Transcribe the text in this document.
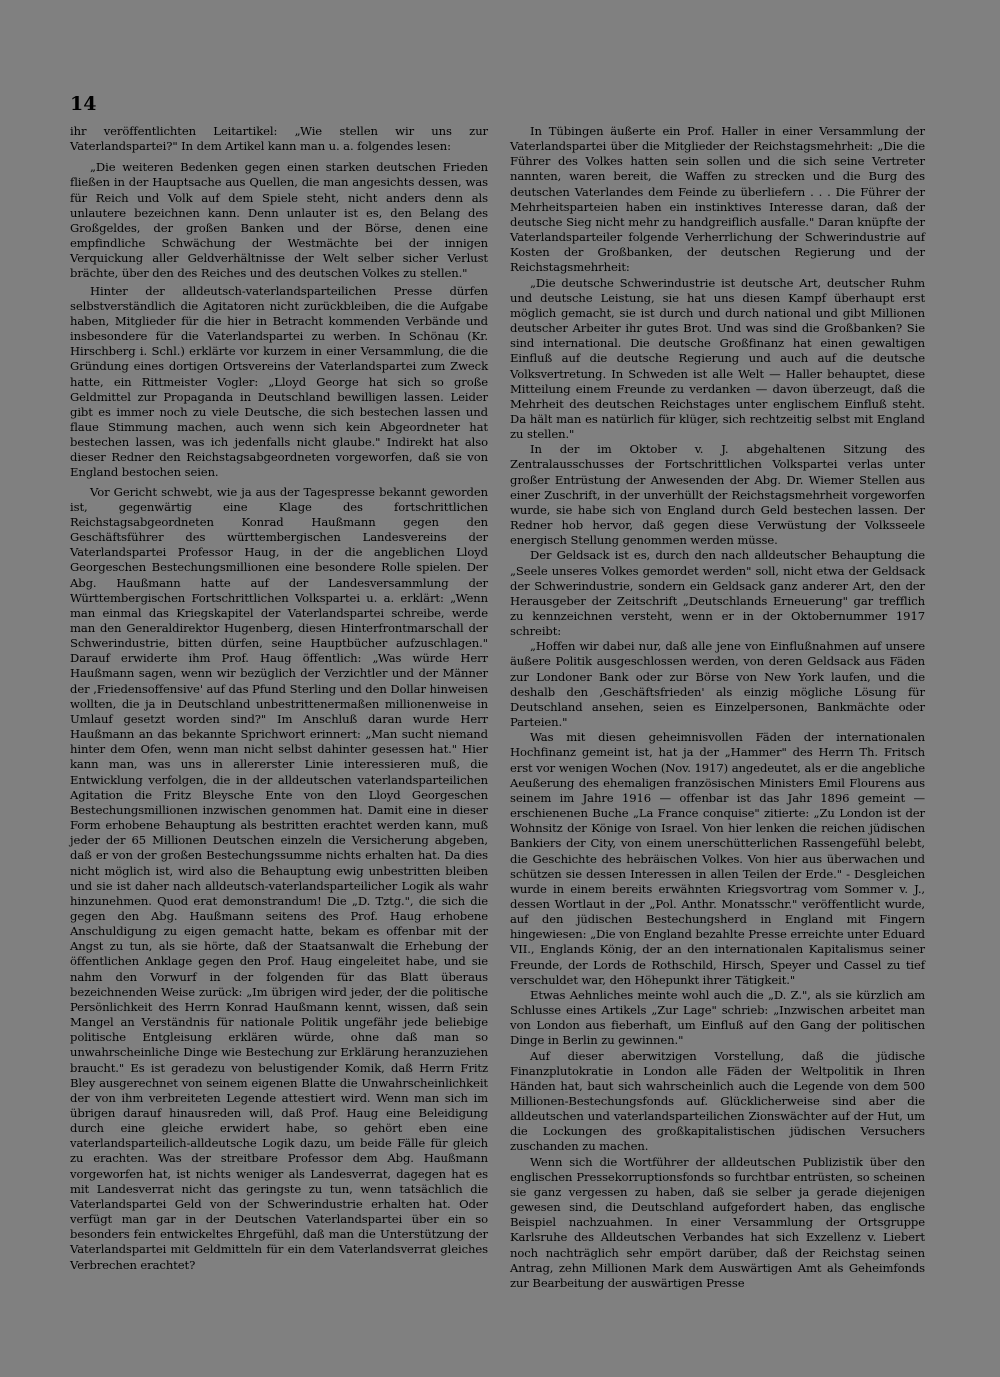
14

ihr veröffentlichten Leitartikel: „Wie stellen wir uns zur Vaterlandspartei?" In dem Artikel kann man u. a. folgendes lesen:

„Die weiteren Bedenken gegen einen starken deutschen Frieden fließen in der Hauptsache aus Quellen, die man angesichts dessen, was für Reich und Volk auf dem Spiele steht, nicht anders denn als unlautere bezeichnen kann. Denn unlauter ist es, den Belang des Großgeldes, der großen Banken und der Börse, denen eine empfindliche Schwächung der Westmächte bei der innigen Verquickung aller Geldverhältnisse der Welt selber sicher Verlust brächte, über den des Reiches und des deutschen Volkes zu stellen."

Hinter der alldeutsch-vaterlandsparteilichen Presse dürfen selbstverständlich die Agitatoren nicht zurückbleiben, die die Aufgabe haben, Mitglieder für die hier in Betracht kommenden Verbände und insbesondere für die Vaterlandspartei zu werben. In Schönau (Kr. Hirschberg i. Schl.) erklärte vor kurzem in einer Versammlung, die die Gründung eines dortigen Ortsvereins der Vaterlandspartei zum Zweck hatte, ein Rittmeister Vogler: „Lloyd George hat sich so große Geldmittel zur Propaganda in Deutschland bewilligen lassen. Leider gibt es immer noch zu viele Deutsche, die sich bestechen lassen und flaue Stimmung machen, auch wenn sich kein Abgeordneter hat bestechen lassen, was ich jedenfalls nicht glaube." Indirekt hat also dieser Redner den Reichstagsabgeordneten vorgeworfen, daß sie von England bestochen seien.

Vor Gericht schwebt, wie ja aus der Tagespresse bekannt geworden ist, gegenwärtig eine Klage des fortschrittlichen Reichstagsabgeordneten Konrad Haußmann gegen den Geschäftsführer des württembergischen Landesvereins der Vaterlandspartei Professor Haug, in der die angeblichen Lloyd Georgeschen Bestechungsmillionen eine besondere Rolle spielen. Der Abg. Haußmann hatte auf der Landesversammlung der Württembergischen Fortschrittlichen Volkspartei u. a. erklärt: „Wenn man einmal das Kriegskapitel der Vaterlandspartei schreibe, werde man den Generaldirektor Hugenberg, diesen Hinterfrontmarschall der Schwerindustrie, bitten dürfen, seine Hauptbücher aufzuschlagen." Darauf erwiderte ihm Prof. Haug öffentlich: „Was würde Herr Haußmann sagen, wenn wir bezüglich der Verzichtler und der Männer der ‚Friedensoffensive' auf das Pfund Sterling und den Dollar hinweisen wollten, die ja in Deutschland unbestrittenermaßen millionenweise in Umlauf gesetzt worden sind?" Im Anschluß daran wurde Herr Haußmann an das bekannte Sprichwort erinnert: „Man sucht niemand hinter dem Ofen, wenn man nicht selbst dahinter gesessen hat." Hier kann man, was uns in allererster Linie interessieren muß, die Entwicklung verfolgen, die in der alldeutschen vaterlandsparteilichen Agitation die Fritz Bleysche Ente von den Lloyd Georgeschen Bestechungsmillionen inzwischen genommen hat. Damit eine in dieser Form erhobene Behauptung als bestritten erachtet werden kann, muß jeder der 65 Millionen Deutschen einzeln die Versicherung abgeben, daß er von der großen Bestechungssumme nichts erhalten hat. Da dies nicht möglich ist, wird also die Behauptung ewig unbestritten bleiben und sie ist daher nach alldeutsch-vaterlandsparteilicher Logik als wahr hinzunehmen. Quod erat demonstrandum! Die „D. Tztg.", die sich die gegen den Abg. Haußmann seitens des Prof. Haug erhobene Anschuldigung zu eigen gemacht hatte, bekam es offenbar mit der Angst zu tun, als sie hörte, daß der Staatsanwalt die Erhebung der öffentlichen Anklage gegen den Prof. Haug eingeleitet habe, und sie nahm den Vorwurf in der folgenden für das Blatt überaus bezeichnenden Weise zurück: „Im übrigen wird jeder, der die politische Persönlichkeit des Herrn Konrad Haußmann kennt, wissen, daß sein Mangel an Verständnis für nationale Politik ungefähr jede beliebige politische Entgleisung erklären würde, ohne daß man so unwahrscheinliche Dinge wie Bestechung zur Erklärung heranzuziehen braucht." Es ist geradezu von belustigender Komik, daß Herrn Fritz Bley ausgerechnet von seinem eigenen Blatte die Unwahrscheinlichkeit der von ihm verbreiteten Legende attestiert wird. Wenn man sich im übrigen darauf hinausreden will, daß Prof. Haug eine Beleidigung durch eine gleiche erwidert habe, so gehört eben eine vaterlandsparteilich-alldeutsche Logik dazu, um beide Fälle für gleich zu erachten. Was der streitbare Professor dem Abg. Haußmann vorgeworfen hat, ist nichts weniger als Landesverrat, dagegen hat es mit Landesverrat nicht das geringste zu tun, wenn tatsächlich die Vaterlandspartei Geld von der Schwerindustrie erhalten hat. Oder verfügt man gar in der Deutschen Vaterlandspartei über ein so besonders fein entwickeltes Ehrgefühl, daß man die Unterstützung der Vaterlandspartei mit Geldmitteln für ein dem Vaterlandsverrat gleiches Verbrechen erachtet?

In Tübingen äußerte ein Prof. Haller in einer Versammlung der Vaterlandspartei über die Mitglieder der Reichstagsmehrheit: „Die die Führer des Volkes hatten sein sollen und die sich seine Vertreter nannten, waren bereit, die Waffen zu strecken und die Burg des deutschen Vaterlandes dem Feinde zu überliefern . . . Die Führer der Mehrheitsparteien haben ein instinktives Interesse daran, daß der deutsche Sieg nicht mehr zu handgreiflich ausfalle." Daran knüpfte der Vaterlandsparteiler folgende Verherrlichung der Schwerindustrie auf Kosten der Großbanken, der deutschen Regierung und der Reichstagsmehrheit:

„Die deutsche Schwerindustrie ist deutsche Art, deutscher Ruhm und deutsche Leistung, sie hat uns diesen Kampf überhaupt erst möglich gemacht, sie ist durch und durch national und gibt Millionen deutscher Arbeiter ihr gutes Brot. Und was sind die Großbanken? Sie sind international. Die deutsche Großfinanz hat einen gewaltigen Einfluß auf die deutsche Regierung und auch auf die deutsche Volksvertretung. In Schweden ist alle Welt — Haller behauptet, diese Mitteilung einem Freunde zu verdanken — davon überzeugt, daß die Mehrheit des deutschen Reichstages unter englischem Einfluß steht. Da hält man es natürlich für klüger, sich rechtzeitig selbst mit England zu stellen."

In der im Oktober v. J. abgehaltenen Sitzung des Zentralausschusses der Fortschrittlichen Volkspartei verlas unter großer Entrüstung der Anwesenden der Abg. Dr. Wiemer Stellen aus einer Zuschrift, in der unverhüllt der Reichstagsmehrheit vorgeworfen wurde, sie habe sich von England durch Geld bestechen lassen. Der Redner hob hervor, daß gegen diese Verwüstung der Volksseele energisch Stellung genommen werden müsse.

Der Geldsack ist es, durch den nach alldeutscher Behauptung die „Seele unseres Volkes gemordet werden" soll, nicht etwa der Geldsack der Schwerindustrie, sondern ein Geldsack ganz anderer Art, den der Herausgeber der Zeitschrift „Deutschlands Erneuerung" gar trefflich zu kennzeichnen versteht, wenn er in der Oktobernummer 1917 schreibt:

„Hoffen wir dabei nur, daß alle jene von Einflußnahmen auf unsere äußere Politik ausgeschlossen werden, von deren Geldsack aus Fäden zur Londoner Bank oder zur Börse von New York laufen, und die deshalb den ‚Geschäftsfrieden' als einzig mögliche Lösung für Deutschland ansehen, seien es Einzelpersonen, Bankmächte oder Parteien."

Was mit diesen geheimnisvollen Fäden der internationalen Hochfinanz gemeint ist, hat ja der „Hammer" des Herrn Th. Fritsch erst vor wenigen Wochen (Nov. 1917) angedeutet, als er die angebliche Aeußerung des ehemaligen französischen Ministers Emil Flourens aus seinem im Jahre 1916 — offenbar ist das Jahr 1896 gemeint — erschienenen Buche „La France conquise" zitierte: „Zu London ist der Wohnsitz der Könige von Israel. Von hier lenken die reichen jüdischen Bankiers der City, von einem unerschütterlichen Rassengefühl belebt, die Geschichte des hebräischen Volkes. Von hier aus überwachen und schützen sie dessen Interessen in allen Teilen der Erde." - Desgleichen wurde in einem bereits erwähnten Kriegsvortrag vom Sommer v. J., dessen Wortlaut in der „Pol. Anthr. Monatsschr." veröffentlicht wurde, auf den jüdischen Bestechungsherd in England mit Fingern hingewiesen: „Die von England bezahlte Presse erreichte unter Eduard VII., Englands König, der an den internationalen Kapitalismus seiner Freunde, der Lords de Rothschild, Hirsch, Speyer und Cassel zu tief verschuldet war, den Höhepunkt ihrer Tätigkeit."

Etwas Aehnliches meinte wohl auch die „D. Z.", als sie kürzlich am Schlusse eines Artikels „Zur Lage" schrieb: „Inzwischen arbeitet man von London aus fieberhaft, um Einfluß auf den Gang der politischen Dinge in Berlin zu gewinnen."

Auf dieser aberwitzigen Vorstellung, daß die jüdische Finanzplutokratie in London alle Fäden der Weltpolitik in Ihren Händen hat, baut sich wahrscheinlich auch die Legende von dem 500 Millionen-Bestechungsfonds auf. Glücklicherweise sind aber die alldeutschen und vaterlandsparteilichen Zionswächter auf der Hut, um die Lockungen des großkapitalistischen jüdischen Versuchers zuschanden zu machen.

Wenn sich die Wortführer der alldeutschen Publizistik über den englischen Pressekorruptionsfonds so furchtbar entrüsten, so scheinen sie ganz vergessen zu haben, daß sie selber ja gerade diejenigen gewesen sind, die Deutschland aufgefordert haben, das englische Beispiel nachzuahmen. In einer Versammlung der Ortsgruppe Karlsruhe des Alldeutschen Verbandes hat sich Exzellenz v. Liebert noch nachträglich sehr empört darüber, daß der Reichstag seinen Antrag, zehn Millionen Mark dem Auswärtigen Amt als Geheimfonds zur Bearbeitung der auswärtigen Presse
